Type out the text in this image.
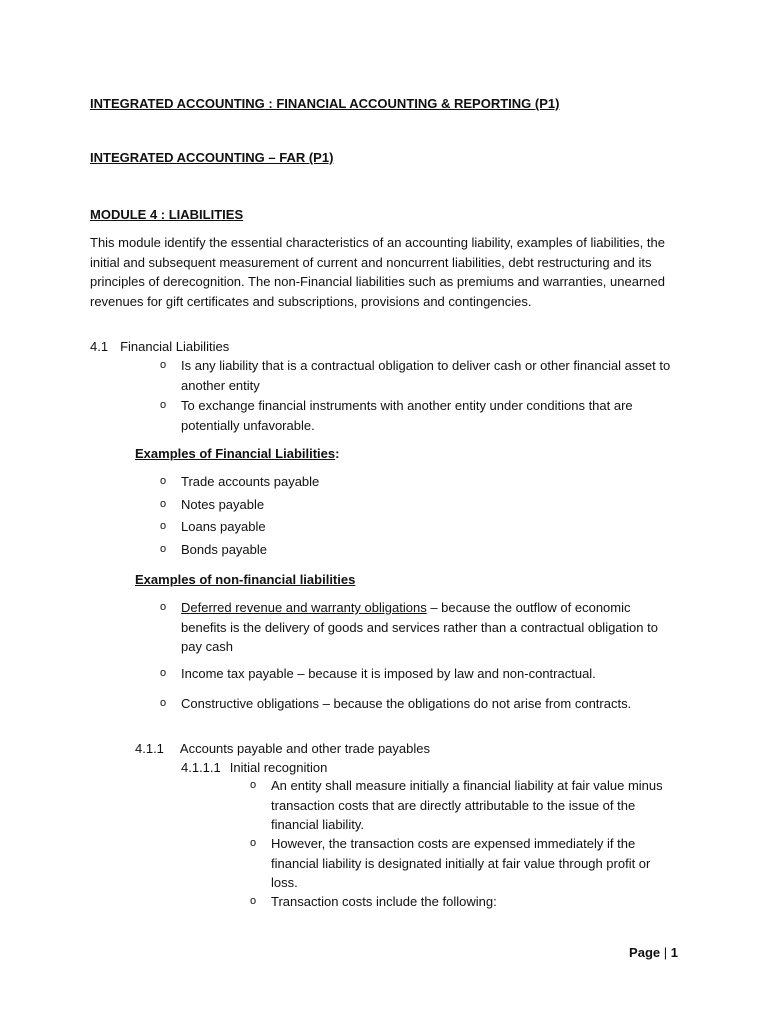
INTEGRATED ACCOUNTING : FINANCIAL ACCOUNTING & REPORTING (P1)
INTEGRATED ACCOUNTING – FAR (P1)
MODULE 4 : LIABILITIES
This module identify the essential characteristics of an accounting liability, examples of liabilities, the initial and subsequent measurement of current and noncurrent liabilities, debt restructuring and its principles of derecognition. The non-Financial liabilities such as premiums and warranties, unearned revenues for gift certificates and subscriptions, provisions and contingencies.
4.1 Financial Liabilities
o Is any liability that is a contractual obligation to deliver cash or other financial asset to another entity
o To exchange financial instruments with another entity under conditions that are potentially unfavorable.
Examples of Financial Liabilities:
o Trade accounts payable
o Notes payable
o Loans payable
o Bonds payable
Examples of non-financial liabilities
o Deferred revenue and warranty obligations – because the outflow of economic benefits is the delivery of goods and services rather than a contractual obligation to pay cash
o Income tax payable – because it is imposed by law and non-contractual.
o Constructive obligations – because the obligations do not arise from contracts.
4.1.1 Accounts payable and other trade payables
4.1.1.1 Initial recognition
o An entity shall measure initially a financial liability at fair value minus transaction costs that are directly attributable to the issue of the financial liability.
o However, the transaction costs are expensed immediately if the financial liability is designated initially at fair value through profit or loss.
o Transaction costs include the following:
Page | 1
